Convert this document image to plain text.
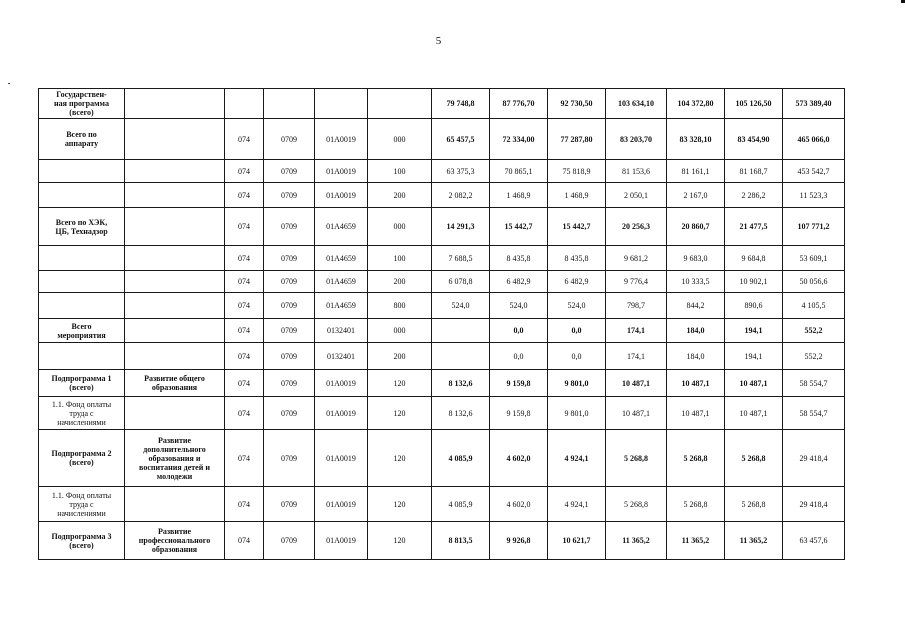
5
Государствен-
ная программа
(всего)						79 748,8	87 776,70	92 730,50	103 634,10	104 372,80	105 126,50	573 389,40
Всего по
аппарату		074	0709	01А0019	000	65 457,5	72 334,00	77 287,80	83 203,70	83 328,10	83 454,90	465 066,0
		074	0709	01А0019	100	63 375,3	70 865,1	75 818,9	81 153,6	81 161,1	81 168,7	453 542,7
		074	0709	01А0019	200	2 082,2	1 468,9	1 468,9	2 050,1	2 167,0	2 286,2	11 523,3
Всего по ХЭК,
ЦБ, Технадзор		074	0709	01А4659	000	14 291,3	15 442,7	15 442,7	20 256,3	20 860,7	21 477,5	107 771,2
		074	0709	01А4659	100	7 688,5	8 435,8	8 435,8	9 681,2	9 683,0	9 684,8	53 609,1
		074	0709	01А4659	200	6 078,8	6 482,9	6 482,9	9 776,4	10 333,5	10 902,1	50 056,6
		074	0709	01А4659	800	524,0	524,0	524,0	798,7	844,2	890,6	4 105,5
Всего
мероприятия		074	0709	0132401	000		0,0	0,0	174,1	184,0	194,1	552,2
		074	0709	0132401	200		0,0	0,0	174,1	184,0	194,1	552,2
Подпрограмма 1
(всего)	Развитие общего
образования	074	0709	01А0019	120	8 132,6	9 159,8	9 801,0	10 487,1	10 487,1	10 487,1	58 554,7
1.1. Фонд оплаты
труда с
начислениями		074	0709	01А0019	120	8 132,6	9 159,8	9 801,0	10 487,1	10 487,1	10 487,1	58 554,7
Подпрограмма 2
(всего)	Развитие
дополнительного
образования и
воспитания детей и
молодежи	074	0709	01А0019	120	4 085,9	4 602,0	4 924,1	5 268,8	5 268,8	5 268,8	29 418,4
1.1. Фонд оплаты
труда с
начислениями		074	0709	01А0019	120	4 085,9	4 602,0	4 924,1	5 268,8	5 268,8	5 268,8	29 418,4
Подпрограмма 3
(всего)	Развитие
профессионального
образования	074	0709	01А0019	120	8 813,5	9 926,8	10 621,7	11 365,2	11 365,2	11 365,2	63 457,6
